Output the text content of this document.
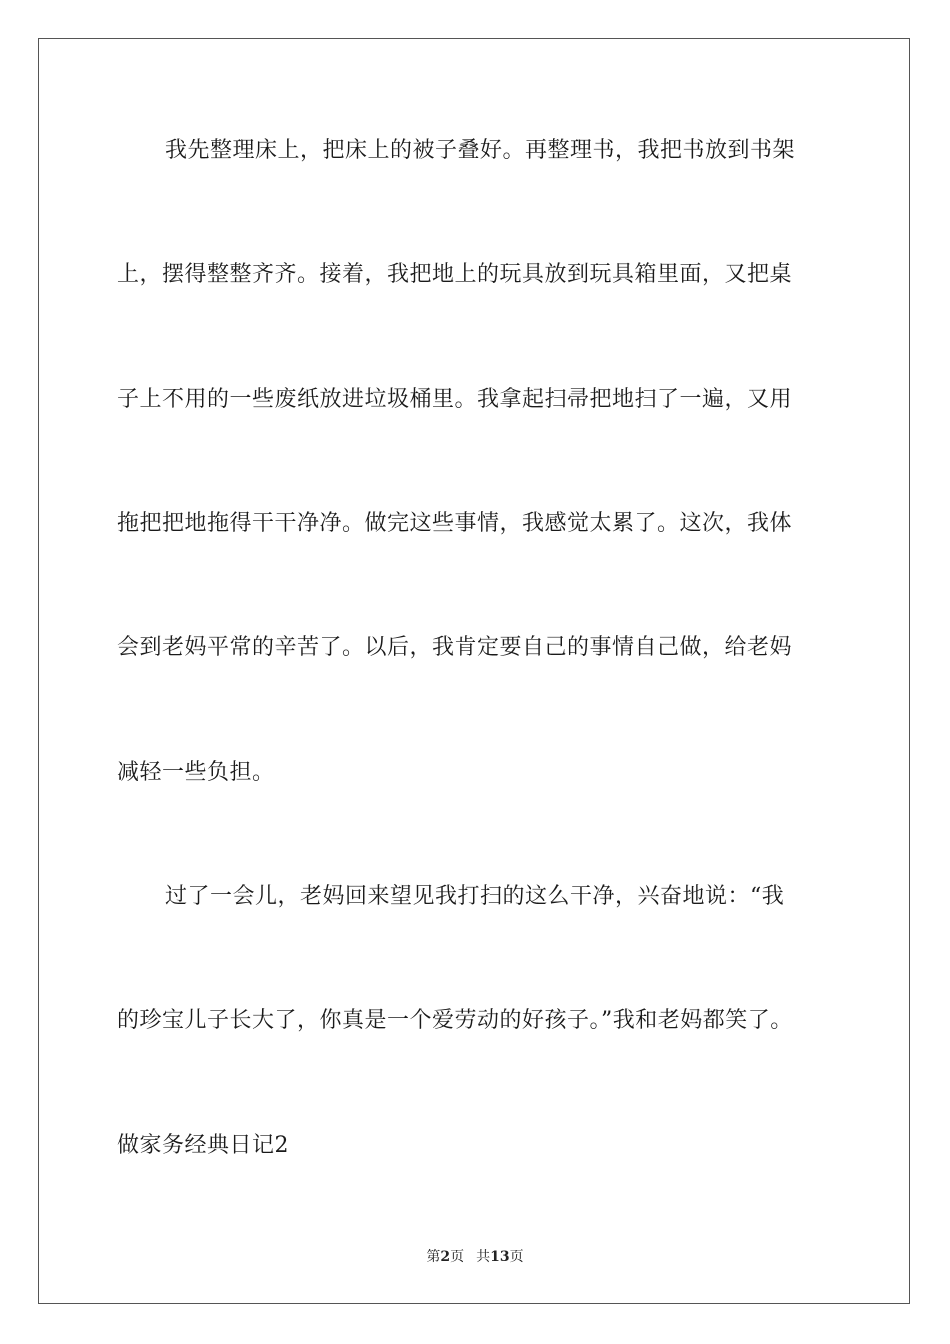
我先整理床上，把床上的被子叠好。再整理书，我把书放到书架
上，摆得整整齐齐。接着，我把地上的玩具放到玩具箱里面，又把桌
子上不用的一些废纸放进垃圾桶里。我拿起扫帚把地扫了一遍，又用
拖把把地拖得干干净净。做完这些事情，我感觉太累了。这次，我体
会到老妈平常的辛苦了。以后，我肯定要自己的事情自己做，给老妈
减轻一些负担。
过了一会儿，老妈回来望见我打扫的这么干净，兴奋地说：“我
的珍宝儿子长大了，你真是一个爱劳动的好孩子。”我和老妈都笑了。
做家务经典日记2
第2页 共13页
